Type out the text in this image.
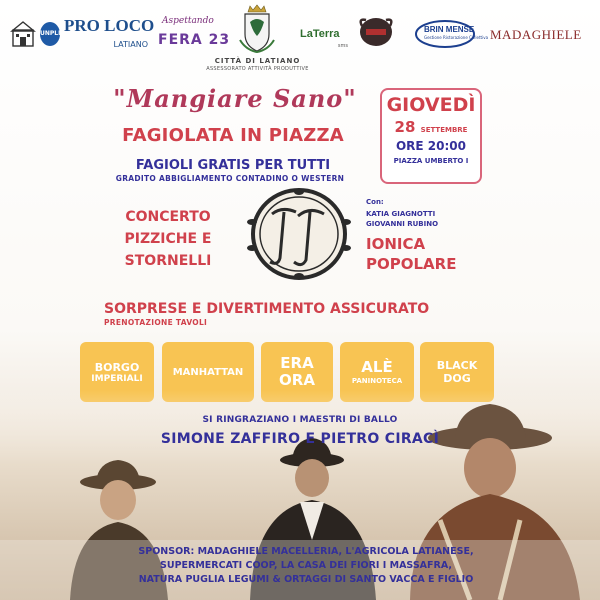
UNPLI PRO LOCO
LATIANO
Aspettando
FERA 23
CITTÀ DI LATIANO
ASSESSORATO ATTIVITÀ PRODUTTIVE
LaTerra
sms
BRIN MENSE
Gestione Ristorazione Collettiva MADAGHIELE
"Mangiare Sano"
FAGIOLATA IN PIAZZA
FAGIOLI GRATIS PER TUTTI
GRADITO ABBIGLIAMENTO CONTADINO O WESTERN
GIOVEDÌ
28 SETTEMBRE
ORE 20:00
PIAZZA UMBERTO I
CONCERTO
PIZZICHE E
STORNELLI
Con:
KATIA GIAGNOTTI
GIOVANNI RUBINO
IONICA
POPOLARE
SORPRESE E DIVERTIMENTO ASSICURATO
PRENOTAZIONE TAVOLI
BORGO
IMPERIALI
MANHATTAN ERA
ORA
ALÈ
PANINOTECA
BLACK
DOG
SI RINGRAZIANO I MAESTRI DI BALLO
SIMONE ZAFFIRO E PIETRO CIRACÌ
SPONSOR: MADAGHIELE MACELLERIA, L'AGRICOLA LATIANESE,
SUPERMERCATI COOP, LA CASA DEI FIORI I MASSAFRA,
NATURA PUGLIA LEGUMI & ORTAGGI DI SANTO VACCA E FIGLIO
